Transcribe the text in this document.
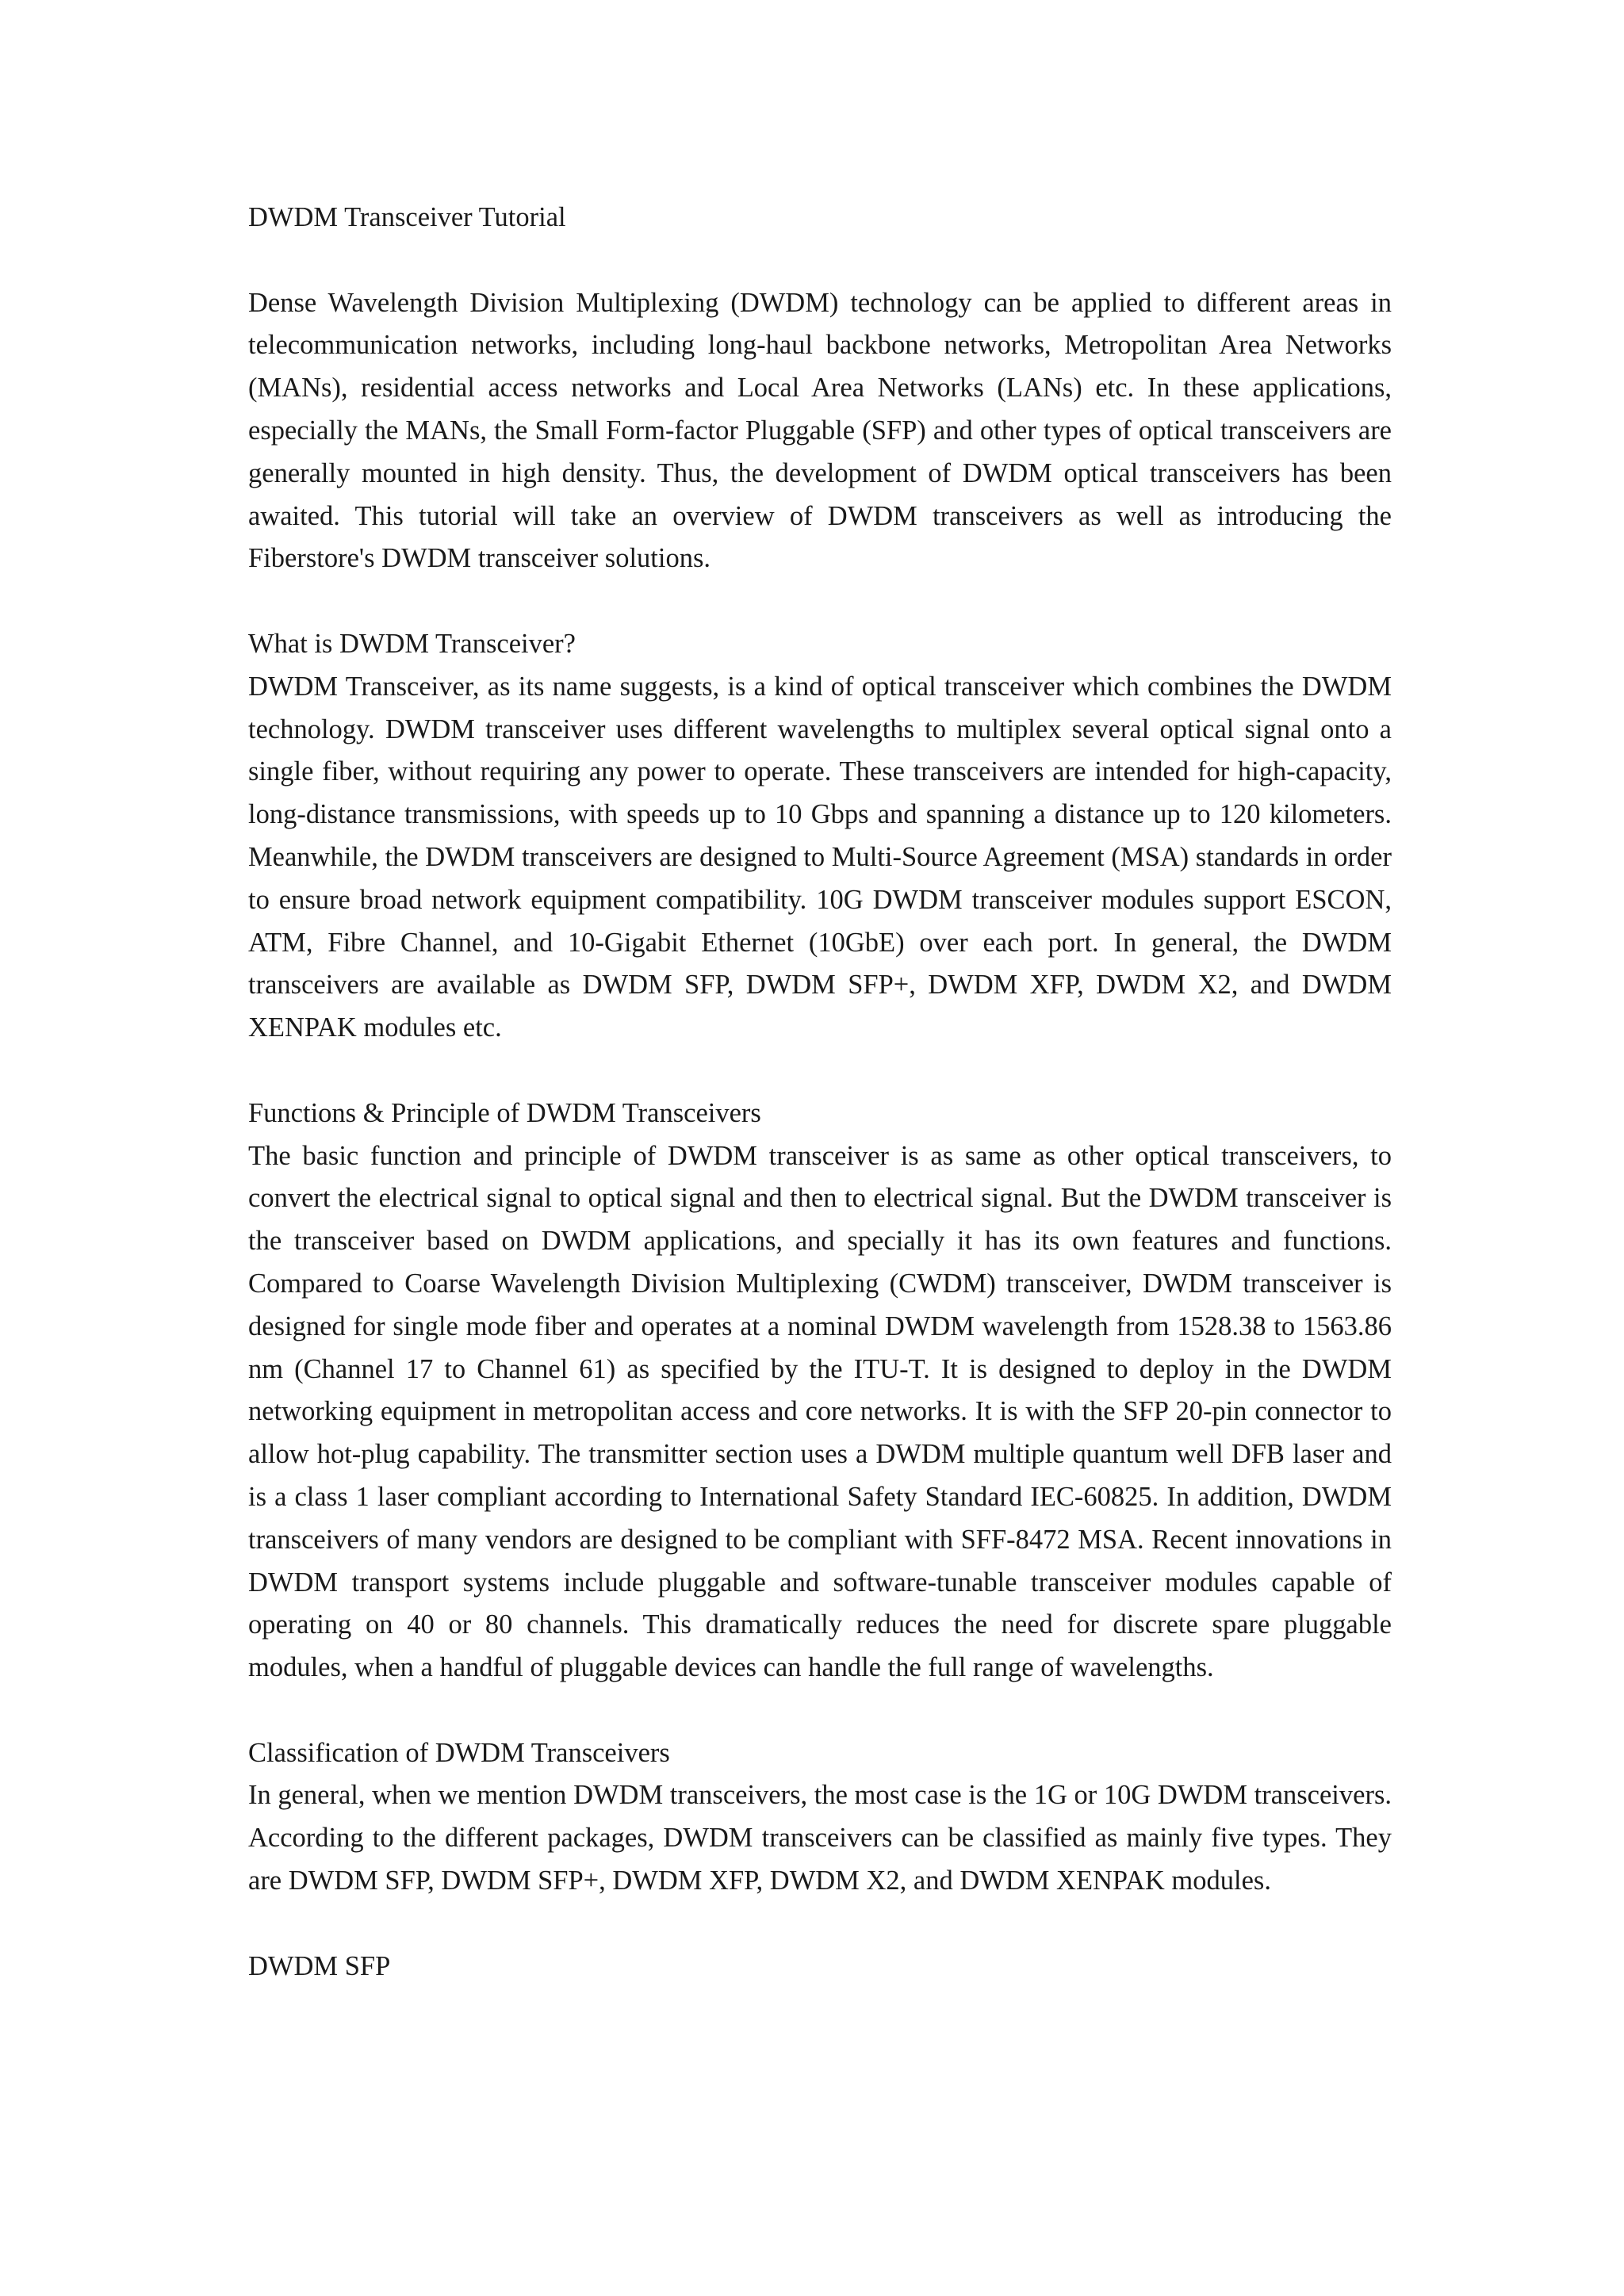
DWDM Transceiver Tutorial

Dense Wavelength Division Multiplexing (DWDM) technology can be applied to different areas in telecommunication networks, including long-haul backbone networks, Metropolitan Area Networks (MANs), residential access networks and Local Area Networks (LANs) etc. In these applications, especially the MANs, the Small Form-factor Pluggable (SFP) and other types of optical transceivers are generally mounted in high density. Thus, the development of DWDM optical transceivers has been awaited. This tutorial will take an overview of DWDM transceivers as well as introducing the Fiberstore's DWDM transceiver solutions.

What is DWDM Transceiver?

DWDM Transceiver, as its name suggests, is a kind of optical transceiver which combines the DWDM technology. DWDM transceiver uses different wavelengths to multiplex several optical signal onto a single fiber, without requiring any power to operate. These transceivers are intended for high-capacity, long-distance transmissions, with speeds up to 10 Gbps and spanning a distance up to 120 kilometers. Meanwhile, the DWDM transceivers are designed to Multi-Source Agreement (MSA) standards in order to ensure broad network equipment compatibility. 10G DWDM transceiver modules support ESCON, ATM, Fibre Channel, and 10-Gigabit Ethernet (10GbE) over each port. In general, the DWDM transceivers are available as DWDM SFP, DWDM SFP+, DWDM XFP, DWDM X2, and DWDM XENPAK modules etc.

Functions & Principle of DWDM Transceivers

The basic function and principle of DWDM transceiver is as same as other optical transceivers, to convert the electrical signal to optical signal and then to electrical signal. But the DWDM transceiver is the transceiver based on DWDM applications, and specially it has its own features and functions. Compared to Coarse Wavelength Division Multiplexing (CWDM) transceiver, DWDM transceiver is designed for single mode fiber and operates at a nominal DWDM wavelength from 1528.38 to 1563.86 nm (Channel 17 to Channel 61) as specified by the ITU-T. It is designed to deploy in the DWDM networking equipment in metropolitan access and core networks. It is with the SFP 20-pin connector to allow hot-plug capability. The transmitter section uses a DWDM multiple quantum well DFB laser and is a class 1 laser compliant according to International Safety Standard IEC-60825. In addition, DWDM transceivers of many vendors are designed to be compliant with SFF-8472 MSA. Recent innovations in DWDM transport systems include pluggable and software-tunable transceiver modules capable of operating on 40 or 80 channels. This dramatically reduces the need for discrete spare pluggable modules, when a handful of pluggable devices can handle the full range of wavelengths.

Classification of DWDM Transceivers

In general, when we mention DWDM transceivers, the most case is the 1G or 10G DWDM transceivers. According to the different packages, DWDM transceivers can be classified as mainly five types. They are DWDM SFP, DWDM SFP+, DWDM XFP, DWDM X2, and DWDM XENPAK modules.

DWDM SFP
